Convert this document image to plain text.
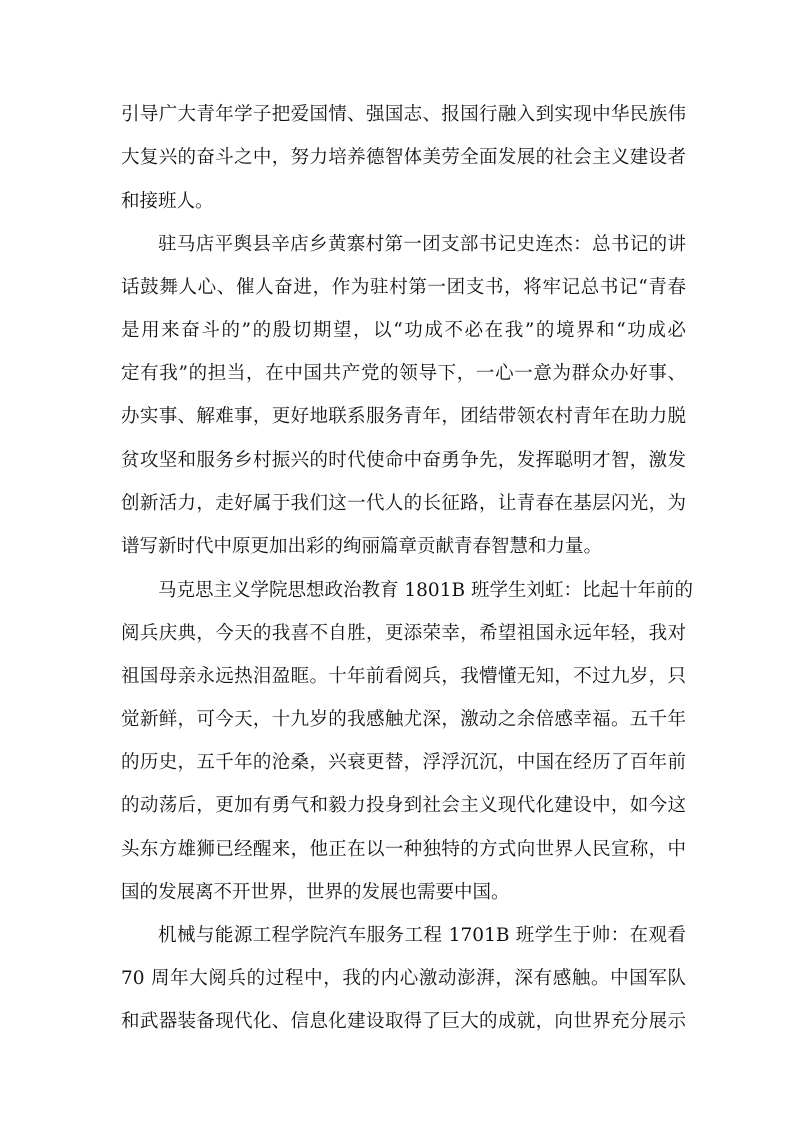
引导广大青年学子把爱国情、强国志、报国行融入到实现中华民族伟
大复兴的奋斗之中，努力培养德智体美劳全面发展的社会主义建设者
和接班人。
驻马店平舆县辛店乡黄寨村第一团支部书记史连杰：总书记的讲
话鼓舞人心、催人奋进，作为驻村第一团支书，将牢记总书记“青春
是用来奋斗的”的殷切期望，以“功成不必在我”的境界和“功成必
定有我”的担当，在中国共产党的领导下，一心一意为群众办好事、
办实事、解难事，更好地联系服务青年，团结带领农村青年在助力脱
贫攻坚和服务乡村振兴的时代使命中奋勇争先，发挥聪明才智，激发
创新活力，走好属于我们这一代人的长征路，让青春在基层闪光，为
谱写新时代中原更加出彩的绚丽篇章贡献青春智慧和力量。
马克思主义学院思想政治教育 1801B 班学生刘虹：比起十年前的
阅兵庆典，今天的我喜不自胜，更添荣幸，希望祖国永远年轻，我对
祖国母亲永远热泪盈眶。十年前看阅兵，我懵懂无知，不过九岁，只
觉新鲜，可今天，十九岁的我感触尤深，激动之余倍感幸福。五千年
的历史，五千年的沧桑，兴衰更替，浮浮沉沉，中国在经历了百年前
的动荡后，更加有勇气和毅力投身到社会主义现代化建设中，如今这
头东方雄狮已经醒来，他正在以一种独特的方式向世界人民宣称，中
国的发展离不开世界，世界的发展也需要中国。
机械与能源工程学院汽车服务工程 1701B 班学生于帅：在观看
70 周年大阅兵的过程中，我的内心激动澎湃，深有感触。中国军队
和武器装备现代化、信息化建设取得了巨大的成就，向世界充分展示
